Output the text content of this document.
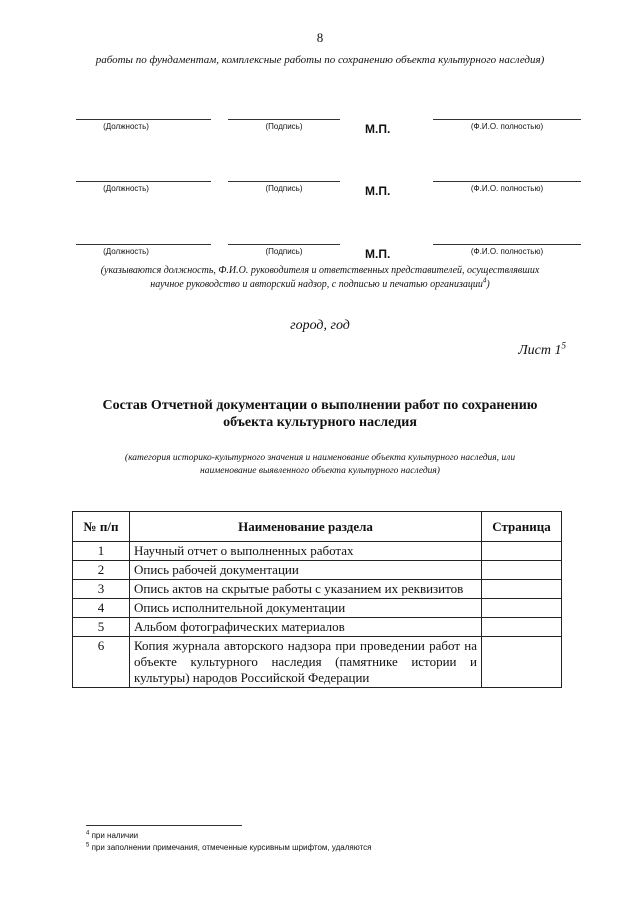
8
работы по фундаментам, комплексные работы по сохранению объекта культурного наследия)
(Должность)	(Подпись)	М.П.	(Ф.И.О. полностью)
(Должность)	(Подпись)	М.П.	(Ф.И.О. полностью)
(Должность)	(Подпись)	М.П.	(Ф.И.О. полностью)
(указываются должность, Ф.И.О. руководителя и ответственных представителей, осуществлявших
научное руководство и авторский надзор, с подписью и печатью организации$^4$)
город, год
Лист $1^5$
Состав Отчетной документации о выполнении работ по сохранению
объекта культурного наследия
(категория историко-культурного значения и наименование объекта культурного наследия, или
наименование выявленного объекта культурного наследия)
№ п/п	Наименование раздела	Страница
1	Научный отчет о выполненных работах	
2	Опись рабочей документации	
3	Опись актов на скрытые работы с указанием их реквизитов	
4	Опись исполнительной документации	
5	Альбом фотографических материалов	
6	Копия журнала авторского надзора при проведении работ на объекте культурного наследия (памятнике истории и культуры) народов Российской Федерации	
$^4$ при наличии
$^5$ при заполнении примечания, отмеченные курсивным шрифтом, удаляются
